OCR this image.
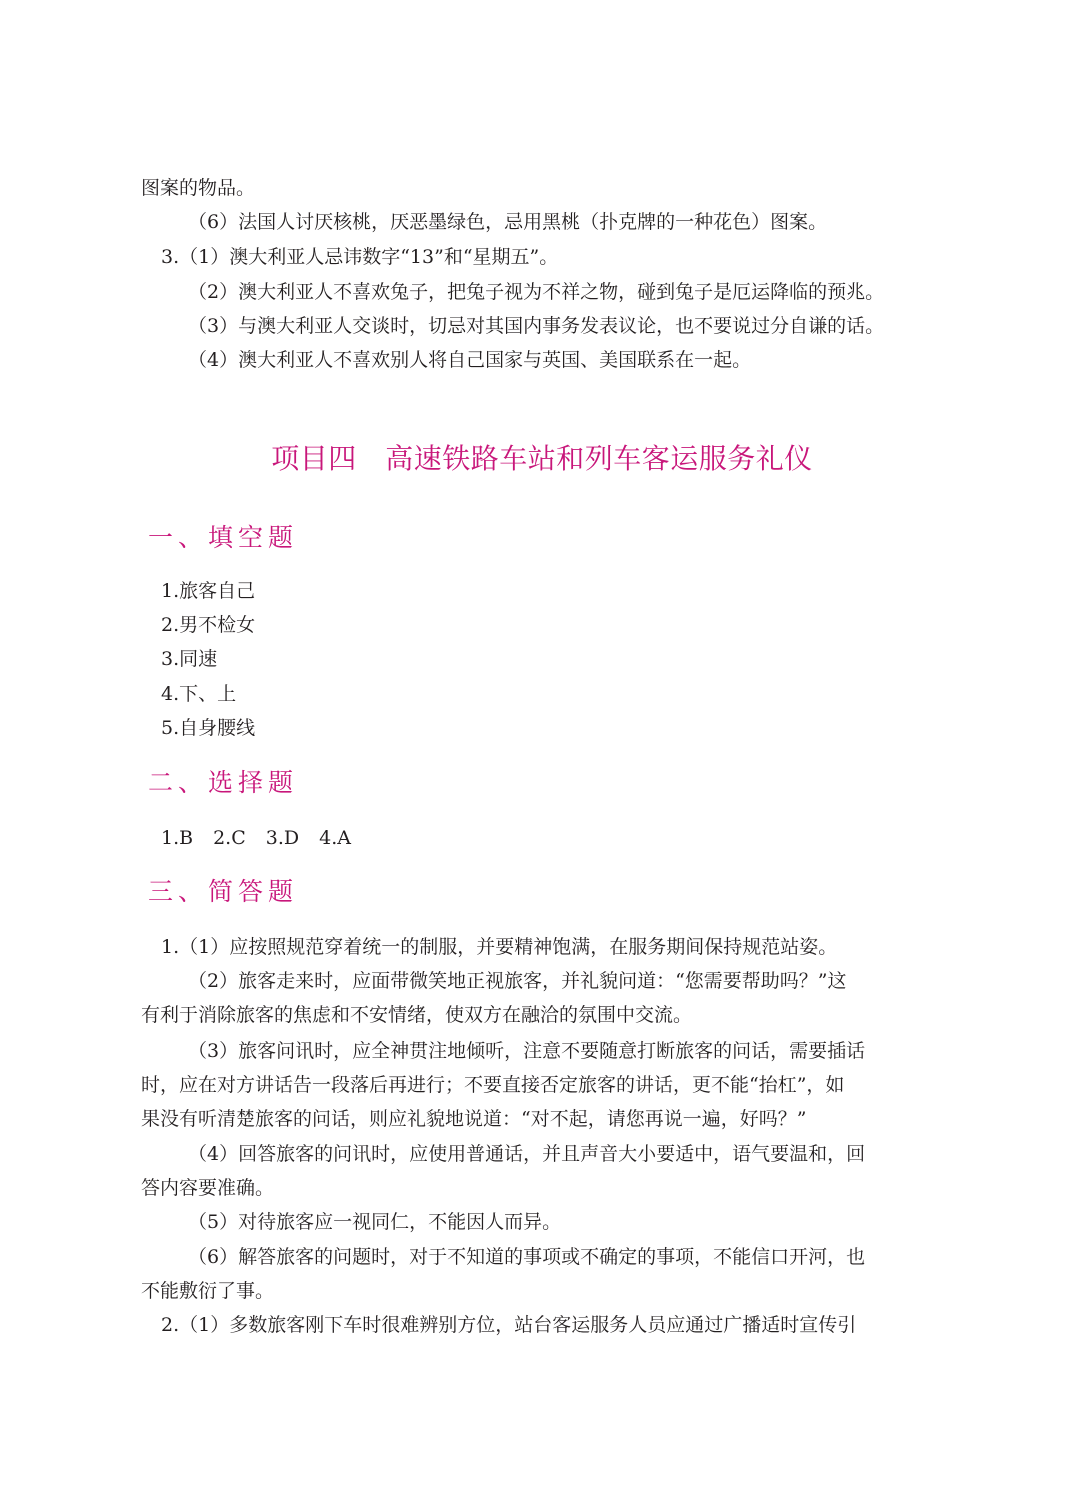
图案的物品。
（6）法国人讨厌核桃，厌恶墨绿色，忌用黑桃（扑克牌的一种花色）图案。
3.（1）澳大利亚人忌讳数字“13”和“星期五”。
（2）澳大利亚人不喜欢兔子，把兔子视为不祥之物，碰到兔子是厄运降临的预兆。
（3）与澳大利亚人交谈时，切忌对其国内事务发表议论，也不要说过分自谦的话。
（4）澳大利亚人不喜欢别人将自己国家与英国、美国联系在一起。
项目四　高速铁路车站和列车客运服务礼仪
一、填空题
1.旅客自己
2.男不检女
3.同速
4.下、上
5.自身腰线
二、选择题
1.B 2.C 3.D 4.A
三、简答题
1.（1）应按照规范穿着统一的制服，并要精神饱满，在服务期间保持规范站姿。
（2）旅客走来时，应面带微笑地正视旅客，并礼貌问道：“您需要帮助吗？”这
有利于消除旅客的焦虑和不安情绪，使双方在融洽的氛围中交流。
（3）旅客问讯时，应全神贯注地倾听，注意不要随意打断旅客的问话，需要插话
时，应在对方讲话告一段落后再进行；不要直接否定旅客的讲话，更不能“抬杠”，如
果没有听清楚旅客的问话，则应礼貌地说道：“对不起，请您再说一遍，好吗？”
（4）回答旅客的问讯时，应使用普通话，并且声音大小要适中，语气要温和，回
答内容要准确。
（5）对待旅客应一视同仁，不能因人而异。
（6）解答旅客的问题时，对于不知道的事项或不确定的事项，不能信口开河，也
不能敷衍了事。
2.（1）多数旅客刚下车时很难辨别方位，站台客运服务人员应通过广播适时宣传引
